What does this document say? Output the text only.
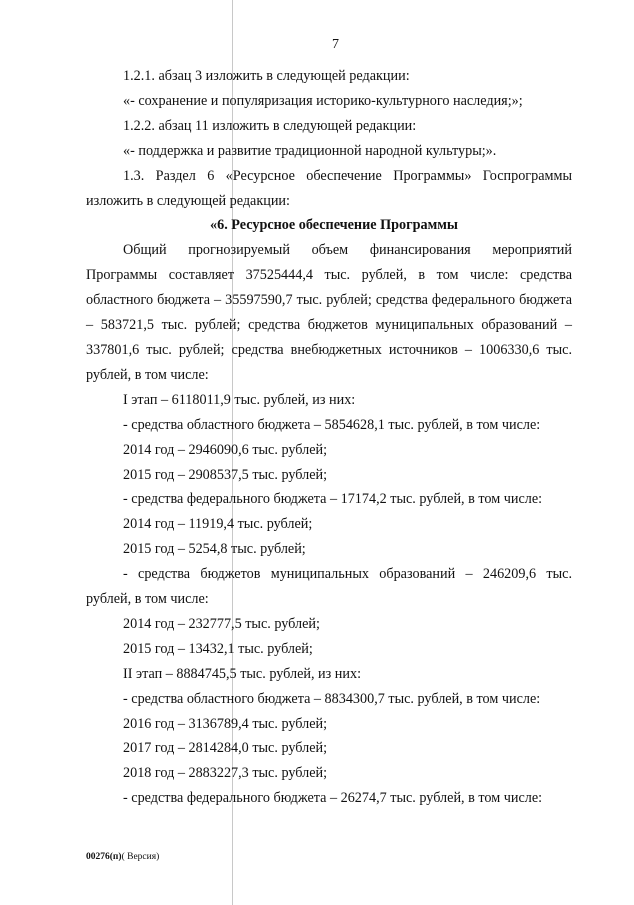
7

1.2.1. абзац 3 изложить в следующей редакции:

«- сохранение и популяризация историко-культурного наследия;»;

1.2.2. абзац 11 изложить в следующей редакции:

«- поддержка и развитие традиционной народной культуры;».

1.3. Раздел 6 «Ресурсное обеспечение Программы» Госпрограммы изложить в следующей редакции:

«6. Ресурсное обеспечение Программы

Общий прогнозируемый объем финансирования мероприятий Программы составляет 37525444,4 тыс. рублей, в том числе: средства областного бюджета – 35597590,7 тыс. рублей; средства федерального бюджета – 583721,5 тыс. рублей; средства бюджетов муниципальных образований – 337801,6 тыс. рублей; средства внебюджетных источников – 1006330,6 тыс. рублей, в том числе:

I этап – 6118011,9 тыс. рублей, из них:

- средства областного бюджета – 5854628,1 тыс. рублей, в том числе:

2014 год – 2946090,6 тыс. рублей;

2015 год – 2908537,5 тыс. рублей;

- средства федерального бюджета – 17174,2 тыс. рублей, в том числе:

2014 год – 11919,4 тыс. рублей;

2015 год – 5254,8 тыс. рублей;

- средства бюджетов муниципальных образований – 246209,6 тыс. рублей, в том числе:

2014 год – 232777,5 тыс. рублей;

2015 год – 13432,1 тыс. рублей;

II этап – 8884745,5 тыс. рублей, из них:

- средства областного бюджета – 8834300,7 тыс. рублей, в том числе:

2016 год – 3136789,4 тыс. рублей;

2017 год – 2814284,0 тыс. рублей;

2018 год – 2883227,3 тыс. рублей;

- средства федерального бюджета – 26274,7 тыс. рублей, в том числе:

00276(п)( Версия)
